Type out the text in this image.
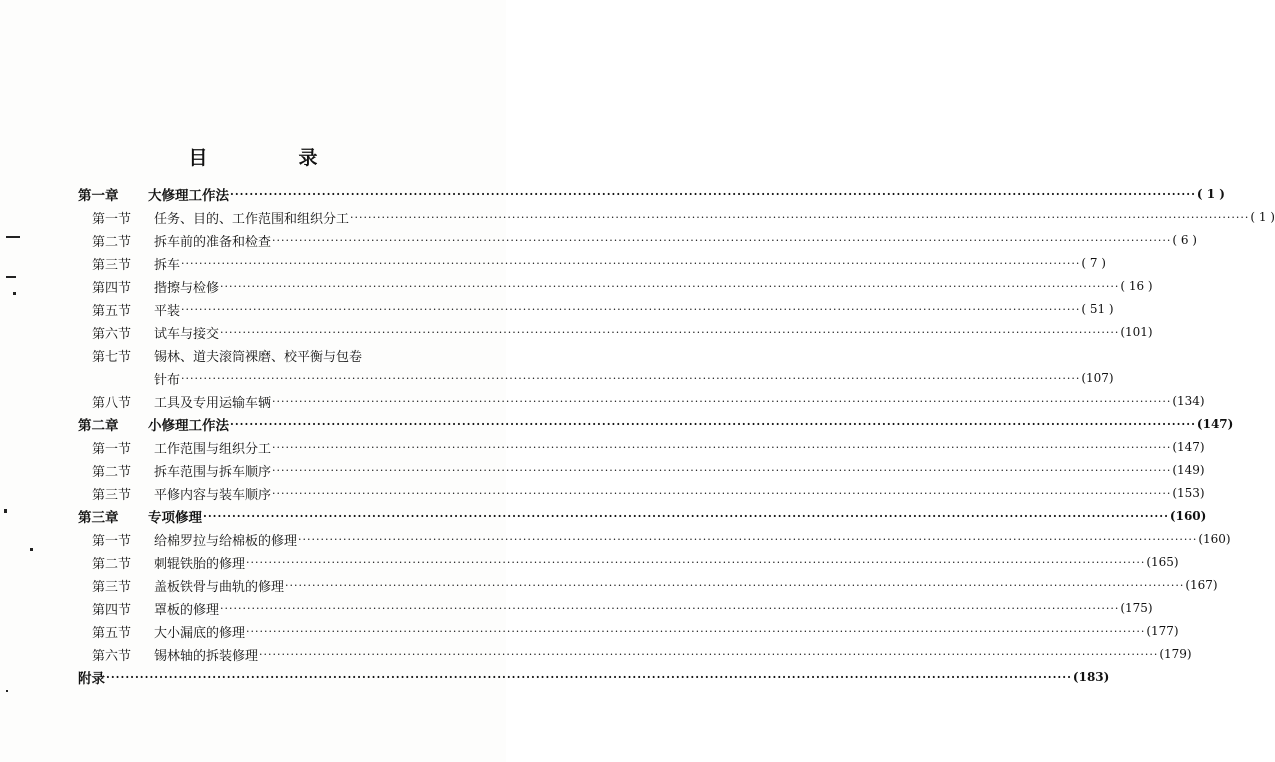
目　录
第一章	大修理工作法 ········································································································································································································ ( 1 )
第一节	任务、目的、工作范围和组织分工 ········································································································································································································ ( 1 )
第二节	拆车前的准备和检查 ········································································································································································································ ( 6 )
第三节	拆车 ········································································································································································································ ( 7 )
第四节	揩擦与检修 ········································································································································································································ ( 16 )
第五节	平装 ········································································································································································································ ( 51 )
第六节	试车与接交 ········································································································································································································ (101)
第七节	锡林、道夫滚筒裸磨、校平衡与包卷
针布 ········································································································································································································ (107)
第八节	工具及专用运输车辆 ········································································································································································································ (134)
第二章	小修理工作法 ········································································································································································································ (147)
第一节	工作范围与组织分工 ········································································································································································································ (147)
第二节	拆车范围与拆车顺序 ········································································································································································································ (149)
第三节	平修内容与装车顺序 ········································································································································································································ (153)
第三章	专项修理 ········································································································································································································ (160)
第一节	给棉罗拉与给棉板的修理 ········································································································································································································ (160)
第二节	刺辊铁胎的修理 ········································································································································································································ (165)
第三节	盖板铁骨与曲轨的修理 ········································································································································································································ (167)
第四节	罩板的修理 ········································································································································································································ (175)
第五节	大小漏底的修理 ········································································································································································································ (177)
第六节	锡林轴的拆装修理 ········································································································································································································ (179)
附录 ········································································································································································································ (183)
